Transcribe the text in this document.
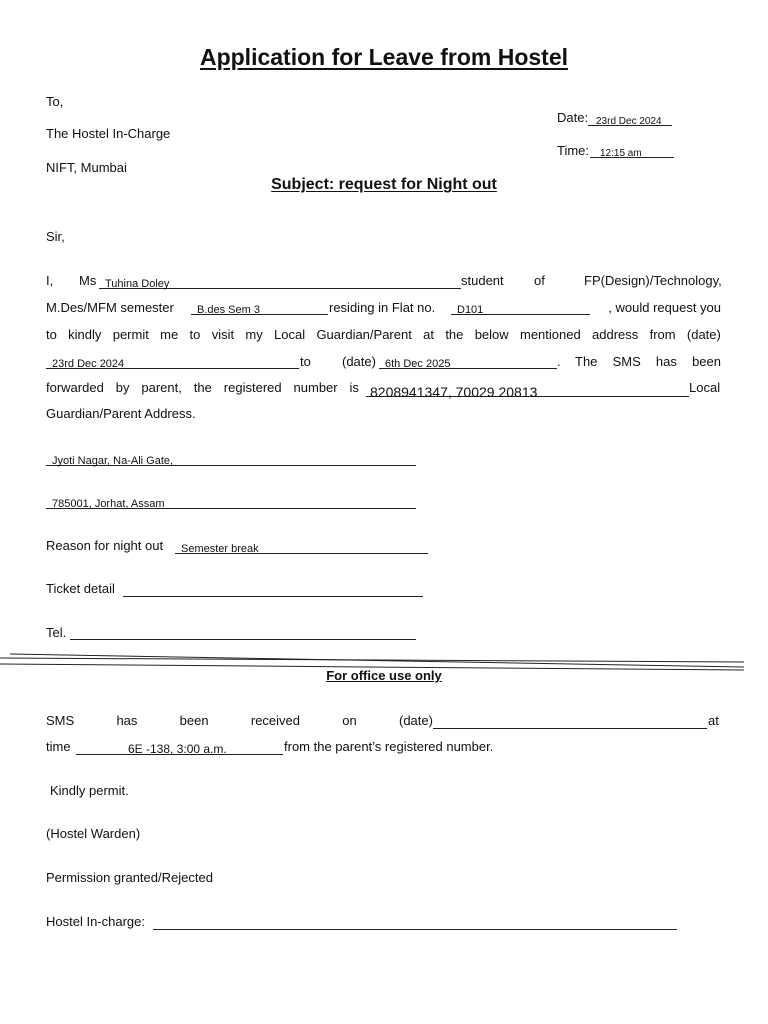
Application for Leave from Hostel
To,
The Hostel In-Charge
NIFT, Mumbai
Date: 23rd Dec 2024
Time: 12:15 am
Subject: request for Night out
Sir,
I, Ms Tuhina Doley	student of	FP(Design)/Technology,
M.Des/MFM semester B.des Sem 3	residing in Flat no. D101	, would request you
to kindly permit me to visit my Local Guardian/Parent at the below mentioned address from (date)
23rd Dec 2024	to (date) 6th Dec 2025	. The SMS has been
forwarded by parent, the registered number is 8208941347, 70029 20813	Local
Guardian/Parent Address.
Jyoti Nagar, Na-Ali Gate,
785001, Jorhat, Assam
Reason for night out Semester break
Ticket detail
Tel.
For office use only
SMS	has	been	received	on	(date)	at
time	6E -138, 3:00 a.m.	from the parent’s registered number.
Kindly permit.
(Hostel Warden)
Permission granted/Rejected
Hostel In-charge:
